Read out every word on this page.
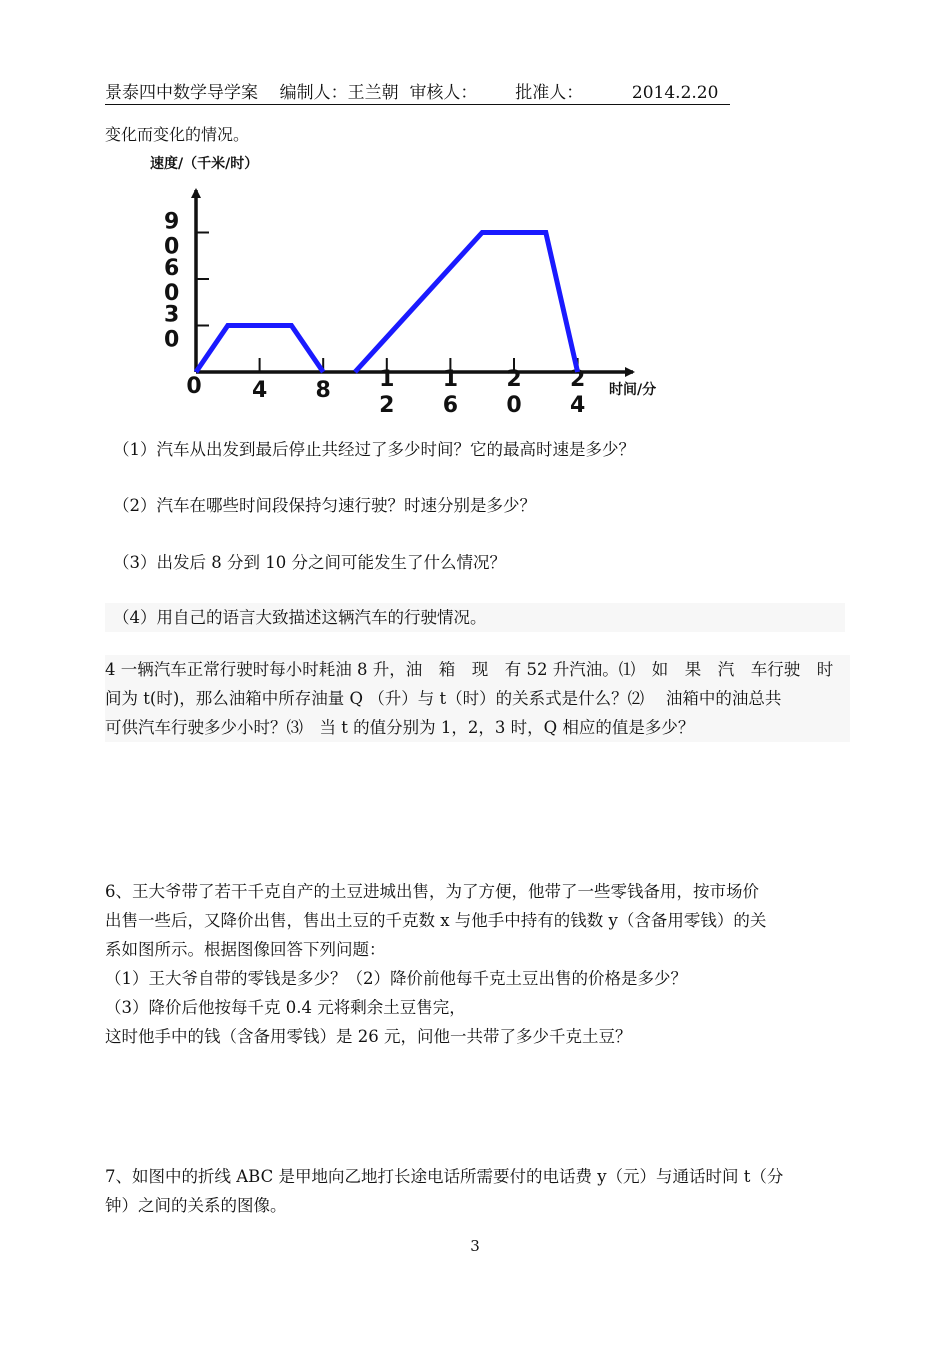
景泰四中数学导学案 编制人：王兰朝 审核人： 批准人：	2014.2.20
变化而变化的情况。
速度/（千米/时）
9
0
6
0
3
0
0 4 8 1
2
1
6
2
0
2
4
时间/分
（1）汽车从出发到最后停止共经过了多少时间？它的最高时速是多少？
（2）汽车在哪些时间段保持匀速行驶？时速分别是多少？
（3）出发后 8 分到 10 分之间可能发生了什么情况？
（4）用自己的语言大致描述这辆汽车的行驶情况。
4 一辆汽车正常行驶时每小时耗油 8 升，油　箱　现　有 52 升汽油。⑴　如　果　汽　车行驶　时
间为 t(时)，那么油箱中所存油量 Q （升）与 t（时）的关系式是什么？⑵　 油箱中的油总共
可供汽车行驶多少小时？⑶　当 t 的值分别为 1，2，3 时，Q 相应的值是多少？
6、王大爷带了若干千克自产的土豆进城出售，为了方便，他带了一些零钱备用，按市场价
出售一些后，又降价出售，售出土豆的千克数 x 与他手中持有的钱数 y（含备用零钱）的关
系如图所示。根据图像回答下列问题：
（1）王大爷自带的零钱是多少？（2）降价前他每千克土豆出售的价格是多少？
（3）降价后他按每千克 0.4 元将剩余土豆售完，
这时他手中的钱（含备用零钱）是 26 元，问他一共带了多少千克土豆？
7、如图中的折线 ABC 是甲地向乙地打长途电话所需要付的电话费 y（元）与通话时间 t（分
钟）之间的关系的图像。
3
